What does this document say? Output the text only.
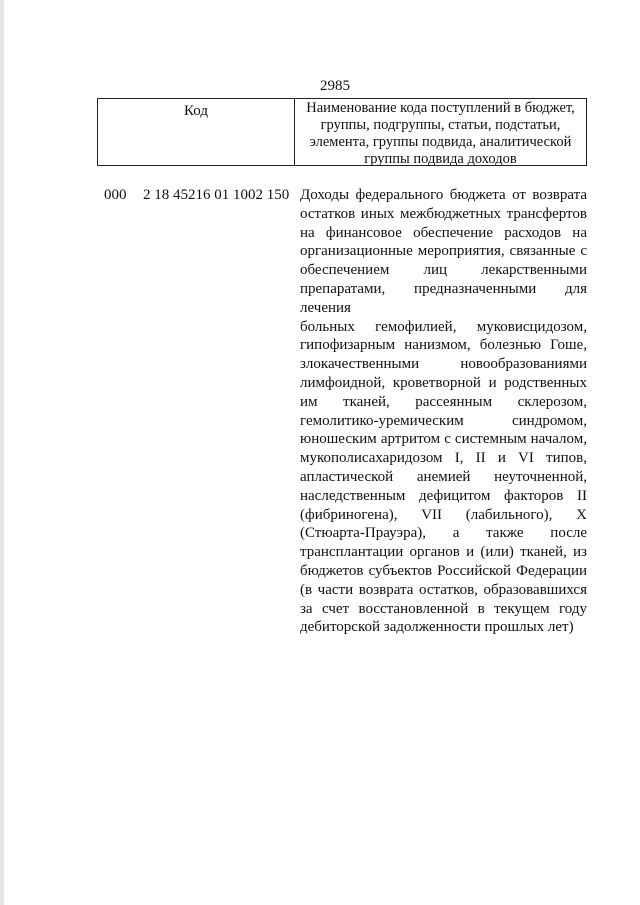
2985
Код	Наименование кода поступлений в бюджет,
группы, подгруппы, статьи, подстатьи,
элемента, группы подвида, аналитической
группы подвида доходов
000 2 18 45216 01 1002 150 Доходы федерального бюджета от возврата
остатков иных межбюджетных трансфертов
на финансовое обеспечение расходов на
организационные мероприятия, связанные с
обеспечением лиц лекарственными
препаратами, предназначенными для лечения
больных гемофилией, муковисцидозом,
гипофизарным нанизмом, болезнью Гоше,
злокачественными новообразованиями
лимфоидной, кроветворной и родственных
им тканей, рассеянным склерозом,
гемолитико-уремическим синдромом,
юношеским артритом с системным началом,
мукополисахаридозом I, II и VI типов,
апластической анемией неуточненной,
наследственным дефицитом факторов II
(фибриногена), VII (лабильного), X
(Стюарта-Прауэра), а также после
трансплантации органов и (или) тканей, из
бюджетов субъектов Российской Федерации
(в части возврата остатков, образовавшихся
за счет восстановленной в текущем году
дебиторской задолженности прошлых лет)
